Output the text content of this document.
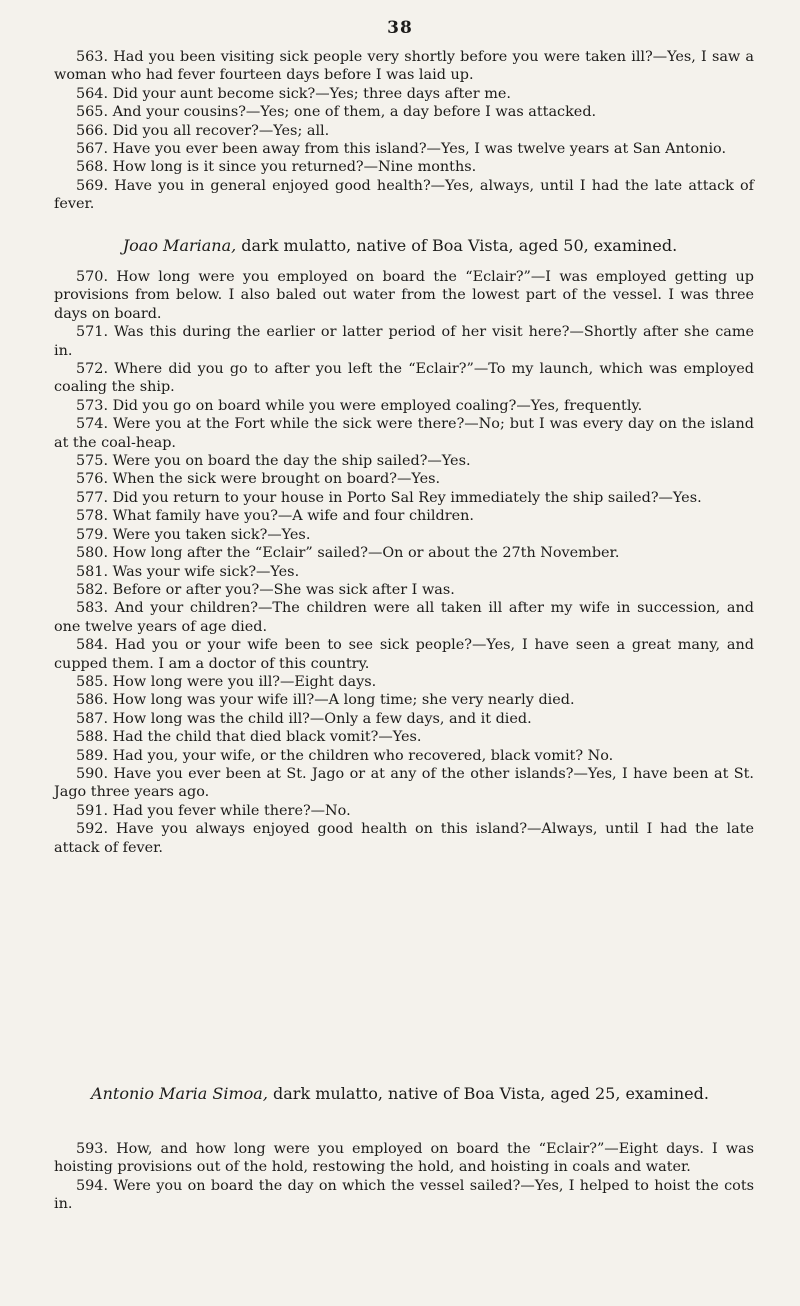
38

563. Had you been visiting sick people very shortly before you were taken ill?—Yes, I saw a woman who had fever fourteen days before I was laid up.

564. Did your aunt become sick?—Yes; three days after me.

565. And your cousins?—Yes; one of them, a day before I was attacked.

566. Did you all recover?—Yes; all.

567. Have you ever been away from this island?—Yes, I was twelve years at San Antonio.

568. How long is it since you returned?—Nine months.

569. Have you in general enjoyed good health?—Yes, always, until I had the late attack of fever.

Joao Mariana, dark mulatto, native of Boa Vista, aged 50, examined.

570. How long were you employed on board the “Eclair?”—I was employed getting up provisions from below. I also baled out water from the lowest part of the vessel. I was three days on board.

571. Was this during the earlier or latter period of her visit here?—Shortly after she came in.

572. Where did you go to after you left the “Eclair?”—To my launch, which was employed coaling the ship.

573. Did you go on board while you were employed coaling?—Yes, frequently.

574. Were you at the Fort while the sick were there?—No; but I was every day on the island at the coal-heap.

575. Were you on board the day the ship sailed?—Yes.

576. When the sick were brought on board?—Yes.

577. Did you return to your house in Porto Sal Rey immediately the ship sailed?—Yes.

578. What family have you?—A wife and four children.

579. Were you taken sick?—Yes.

580. How long after the “Eclair” sailed?—On or about the 27th November.

581. Was your wife sick?—Yes.

582. Before or after you?—She was sick after I was.

583. And your children?—The children were all taken ill after my wife in succession, and one twelve years of age died.

584. Had you or your wife been to see sick people?—Yes, I have seen a great many, and cupped them. I am a doctor of this country.

585. How long were you ill?—Eight days.

586. How long was your wife ill?—A long time; she very nearly died.

587. How long was the child ill?—Only a few days, and it died.

588. Had the child that died black vomit?—Yes.

589. Had you, your wife, or the children who recovered, black vomit? No.

590. Have you ever been at St. Jago or at any of the other islands?—Yes, I have been at St. Jago three years ago.

591. Had you fever while there?—No.

592. Have you always enjoyed good health on this island?—Always, until I had the late attack of fever.

Antonio Maria Simoa, dark mulatto, native of Boa Vista, aged 25, examined.

593. How, and how long were you employed on board the “Eclair?”—Eight days. I was hoisting provisions out of the hold, restowing the hold, and hoisting in coals and water.

594. Were you on board the day on which the vessel sailed?—Yes, I helped to hoist the cots in.
